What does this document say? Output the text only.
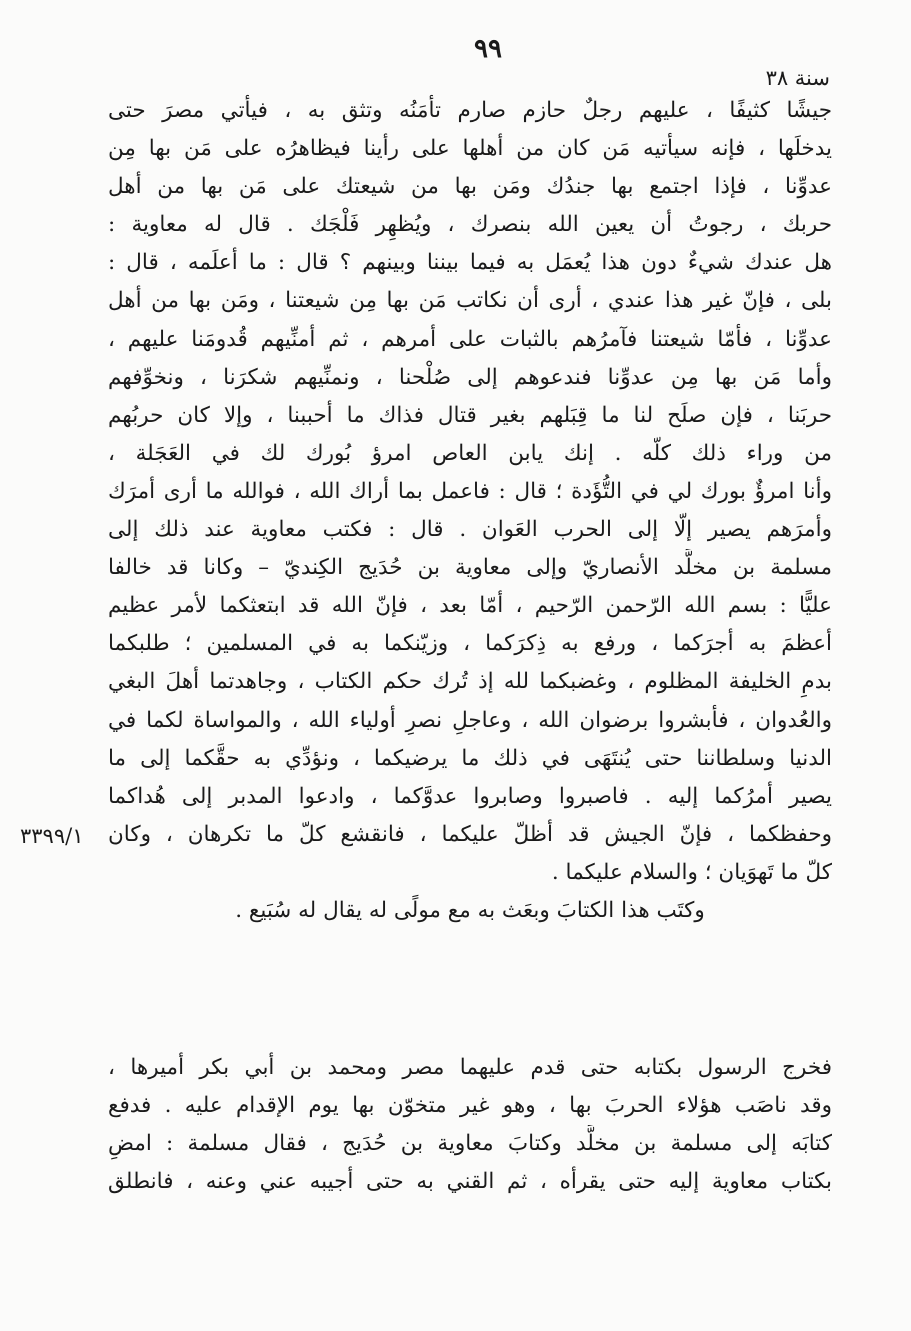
٩٩
سنة ٣٨
٣٣٩٩/١
جيشًا كثيفًا ، عليهم رجلٌ حازم صارم تأمَنُه وتثق به ، فيأتي مصرَ حتى
يدخلَها ، فإنه سيأتيه مَن كان من أهلها على رأينا فيظاهرُه على مَن بها مِن
عدوِّنا ، فإذا اجتمع بها جندُك ومَن بها من شيعتك على مَن بها من أهل
حربك ، رجوتُ أن يعين الله بنصرك ، ويُظهِر فَلْجَك . قال له معاوية :
هل عندك شيءٌ دون هذا يُعمَل به فيما بيننا وبينهم ؟ قال : ما أعلَمه ، قال :
بلى ، فإنّ غير هذا عندي ، أرى أن نكاتب مَن بها مِن شيعتنا ، ومَن بها من أهل
عدوِّنا ، فأمّا شيعتنا فآمرُهم بالثبات على أمرهم ، ثم أمنِّيهم قُدومَنا عليهم ،
وأما مَن بها مِن عدوِّنا فندعوهم إلى صُلْحنا ، ونمنِّيهم شكرَنا ، ونخوِّفهم
حربَنا ، فإن صلَح لنا ما قِبَلهم بغير قتال فذاك ما أحببنا ، وإلا كان حربُهم
من وراء ذلك كلّه . إنك يابن العاص امرؤ بُورك لك في العَجَلة ،
وأنا امرؤٌ بورك لي في التُّؤَدة ؛ قال : فاعمل بما أراك الله ، فوالله ما أرى أمرَك
وأمرَهم يصير إلّا إلى الحرب العَوان . قال : فكتب معاوية عند ذلك إلى
مسلمة بن مخلَّد الأنصاريّ وإلى معاوية بن حُدَيج الكِنديّ – وكانا قد خالفا
عليًّا : بسم الله الرّحمن الرّحيم ، أمّا بعد ، فإنّ الله قد ابتعثكما لأمر عظيم
أعظمَ به أجرَكما ، ورفع به ذِكرَكما ، وزيّنكما به في المسلمين ؛ طلبكما
بدمِ الخليفة المظلوم ، وغضبكما لله إذ تُرك حكم الكتاب ، وجاهدتما أهلَ البغي
والعُدوان ، فأبشروا برضوان الله ، وعاجلِ نصرِ أولياء الله ، والمواساة لكما في
الدنيا وسلطاننا حتى يُنتَهَى في ذلك ما يرضيكما ، ونؤدِّي به حقَّكما إلى ما
يصير أمرُكما إليه . فاصبروا وصابروا عدوَّكما ، وادعوا المدبر إلى هُداكما
وحفظكما ، فإنّ الجيش قد أظلّ عليكما ، فانقشع كلّ ما تكرهان ، وكان
كلّ ما تَهوَيان ؛ والسلام عليكما .
وكتَب هذا الكتابَ وبعَث به مع مولًى له يقال له سُبَيع .
فخرج الرسول بكتابه حتى قدم عليهما مصر ومحمد بن أبي بكر أميرها ،
وقد ناصَب هؤلاء الحربَ بها ، وهو غير متخوّن بها يوم الإقدام عليه . فدفع
كتابَه إلى مسلمة بن مخلَّد وكتابَ معاوية بن حُدَيج ، فقال مسلمة : امضِ
بكتاب معاوية إليه حتى يقرأه ، ثم القني به حتى أجيبه عني وعنه ، فانطلق
